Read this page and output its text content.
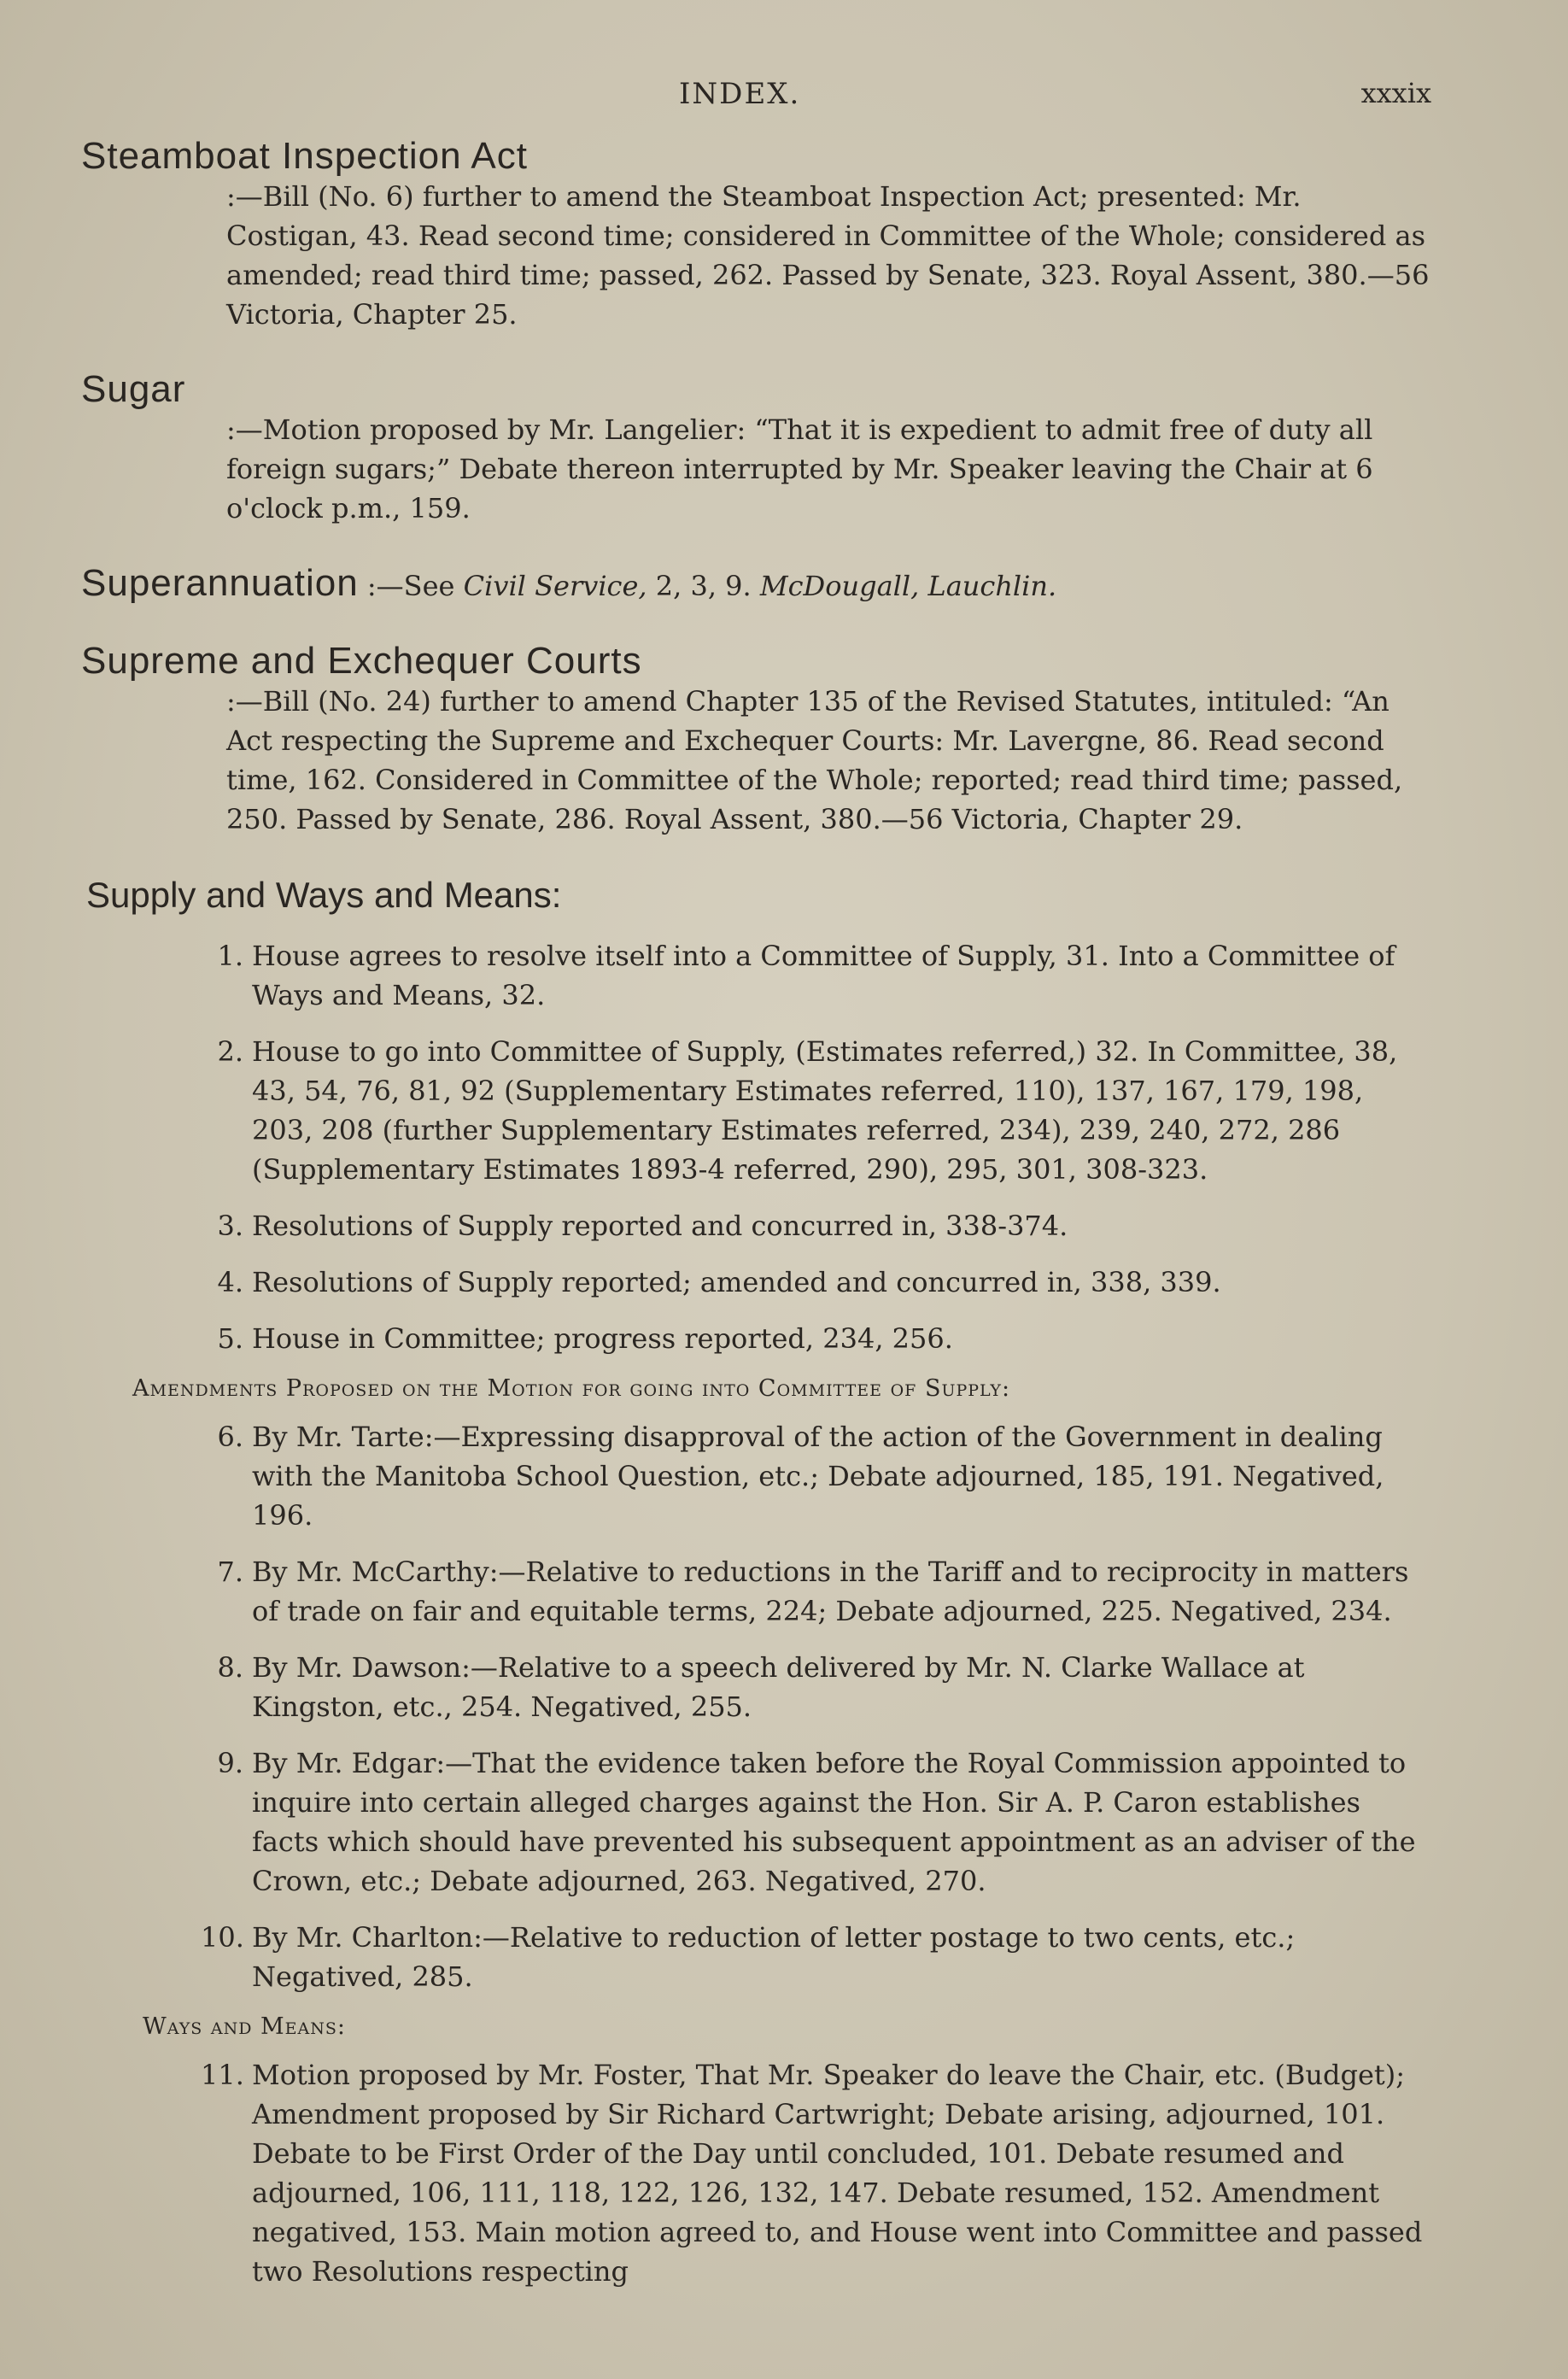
INDEX.	xxxix
Steamboat Inspection Act
:—Bill (No. 6) further to amend the Steamboat Inspection Act; presented: Mr. Costigan, 43. Read second time; considered in Committee of the Whole; considered as amended; read third time; passed, 262. Passed by Senate, 323. Royal Assent, 380.—56 Victoria, Chapter 25.
Sugar
:—Motion proposed by Mr. Langelier: “That it is expedient to admit free of duty all foreign sugars;” Debate thereon interrupted by Mr. Speaker leaving the Chair at 6 o'clock p.m., 159.
Superannuation :—See Civil Service, 2, 3, 9. McDougall, Lauchlin.
Supreme and Exchequer Courts
:—Bill (No. 24) further to amend Chapter 135 of the Revised Statutes, intituled: “An Act respecting the Supreme and Exchequer Courts: Mr. Lavergne, 86. Read second time, 162. Considered in Committee of the Whole; reported; read third time; passed, 250. Passed by Senate, 286. Royal Assent, 380.—56 Victoria, Chapter 29.
Supply and Ways and Means:
1. House agrees to resolve itself into a Committee of Supply, 31. Into a Committee of Ways and Means, 32.
2. House to go into Committee of Supply, (Estimates referred,) 32. In Committee, 38, 43, 54, 76, 81, 92 (Supplementary Estimates referred, 110), 137, 167, 179, 198, 203, 208 (further Supplementary Estimates referred, 234), 239, 240, 272, 286 (Supplementary Estimates 1893-4 referred, 290), 295, 301, 308-323.
3. Resolutions of Supply reported and concurred in, 338-374.
4. Resolutions of Supply reported; amended and concurred in, 338, 339.
5. House in Committee; progress reported, 234, 256.
Amendments Proposed on the Motion for going into Committee of Supply:
6. By Mr. Tarte:—Expressing disapproval of the action of the Government in dealing with the Manitoba School Question, etc.; Debate adjourned, 185, 191. Negatived, 196.
7. By Mr. McCarthy:—Relative to reductions in the Tariff and to reciprocity in matters of trade on fair and equitable terms, 224; Debate adjourned, 225. Negatived, 234.
8. By Mr. Dawson:—Relative to a speech delivered by Mr. N. Clarke Wallace at Kingston, etc., 254. Negatived, 255.
9. By Mr. Edgar:—That the evidence taken before the Royal Commission appointed to inquire into certain alleged charges against the Hon. Sir A. P. Caron establishes facts which should have prevented his subsequent appointment as an adviser of the Crown, etc.; Debate adjourned, 263. Negatived, 270.
10. By Mr. Charlton:—Relative to reduction of letter postage to two cents, etc.; Negatived, 285.
Ways and Means:
11. Motion proposed by Mr. Foster, That Mr. Speaker do leave the Chair, etc. (Budget); Amendment proposed by Sir Richard Cartwright; Debate arising, adjourned, 101. Debate to be First Order of the Day until concluded, 101. Debate resumed and adjourned, 106, 111, 118, 122, 126, 132, 147. Debate resumed, 152. Amendment negatived, 153. Main motion agreed to, and House went into Committee and passed two Resolutions respecting
